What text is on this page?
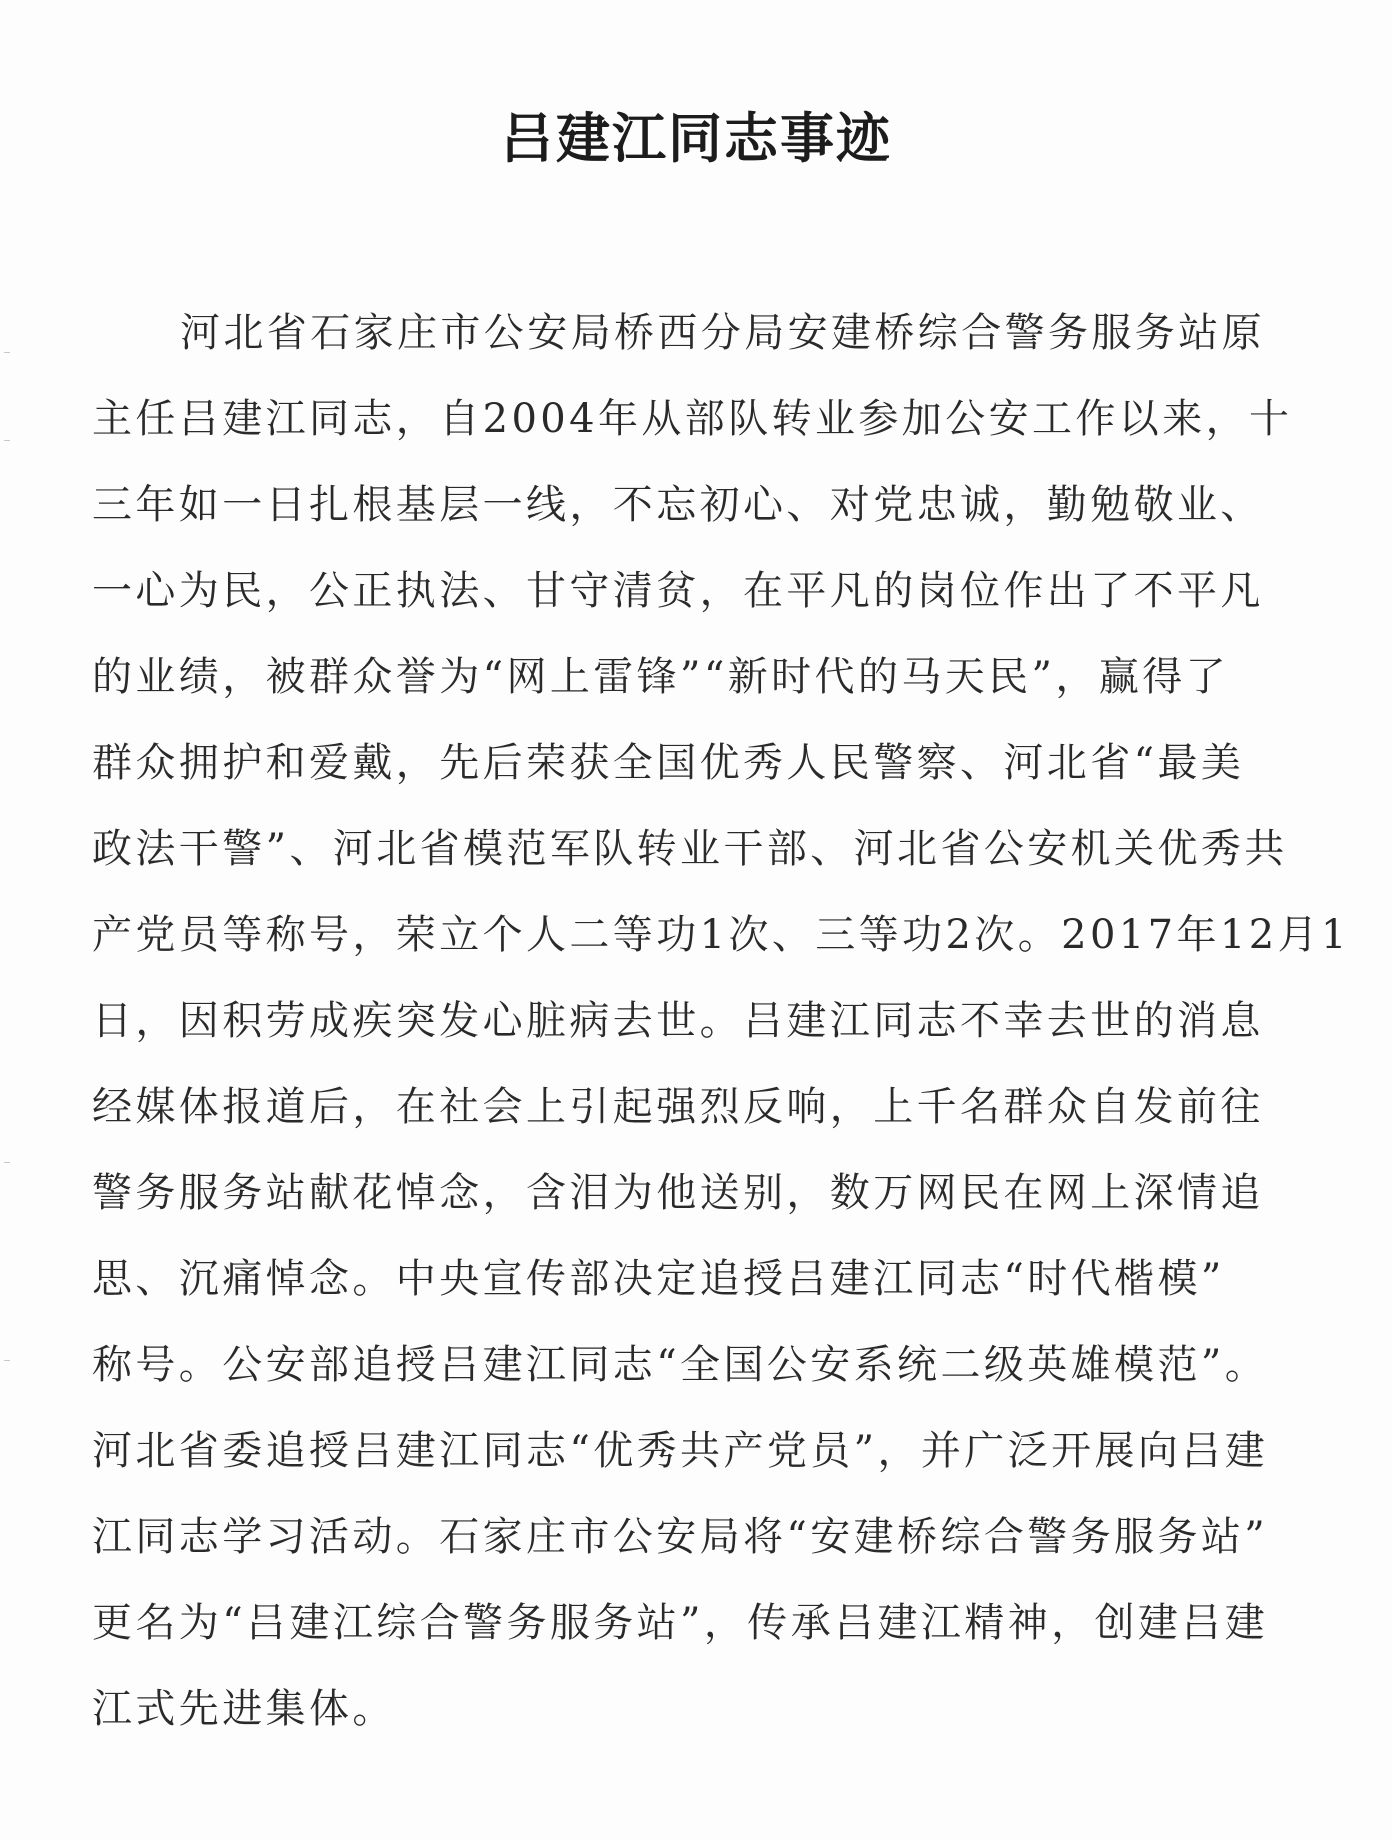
吕建江同志事迹
河北省石家庄市公安局桥西分局安建桥综合警务服务站原
主任吕建江同志，自2004年从部队转业参加公安工作以来，十
三年如一日扎根基层一线，不忘初心、对党忠诚，勤勉敬业、
一心为民，公正执法、甘守清贫，在平凡的岗位作出了不平凡
的业绩，被群众誉为“网上雷锋”“新时代的马天民”，赢得了
群众拥护和爱戴，先后荣获全国优秀人民警察、河北省“最美
政法干警”、河北省模范军队转业干部、河北省公安机关优秀共
产党员等称号，荣立个人二等功1次、三等功2次。2017年12月1
日，因积劳成疾突发心脏病去世。吕建江同志不幸去世的消息
经媒体报道后，在社会上引起强烈反响，上千名群众自发前往
警务服务站献花悼念，含泪为他送别，数万网民在网上深情追
思、沉痛悼念。中央宣传部决定追授吕建江同志“时代楷模”
称号。公安部追授吕建江同志“全国公安系统二级英雄模范”。
河北省委追授吕建江同志“优秀共产党员”，并广泛开展向吕建
江同志学习活动。石家庄市公安局将“安建桥综合警务服务站”
更名为“吕建江综合警务服务站”，传承吕建江精神，创建吕建
江式先进集体。
